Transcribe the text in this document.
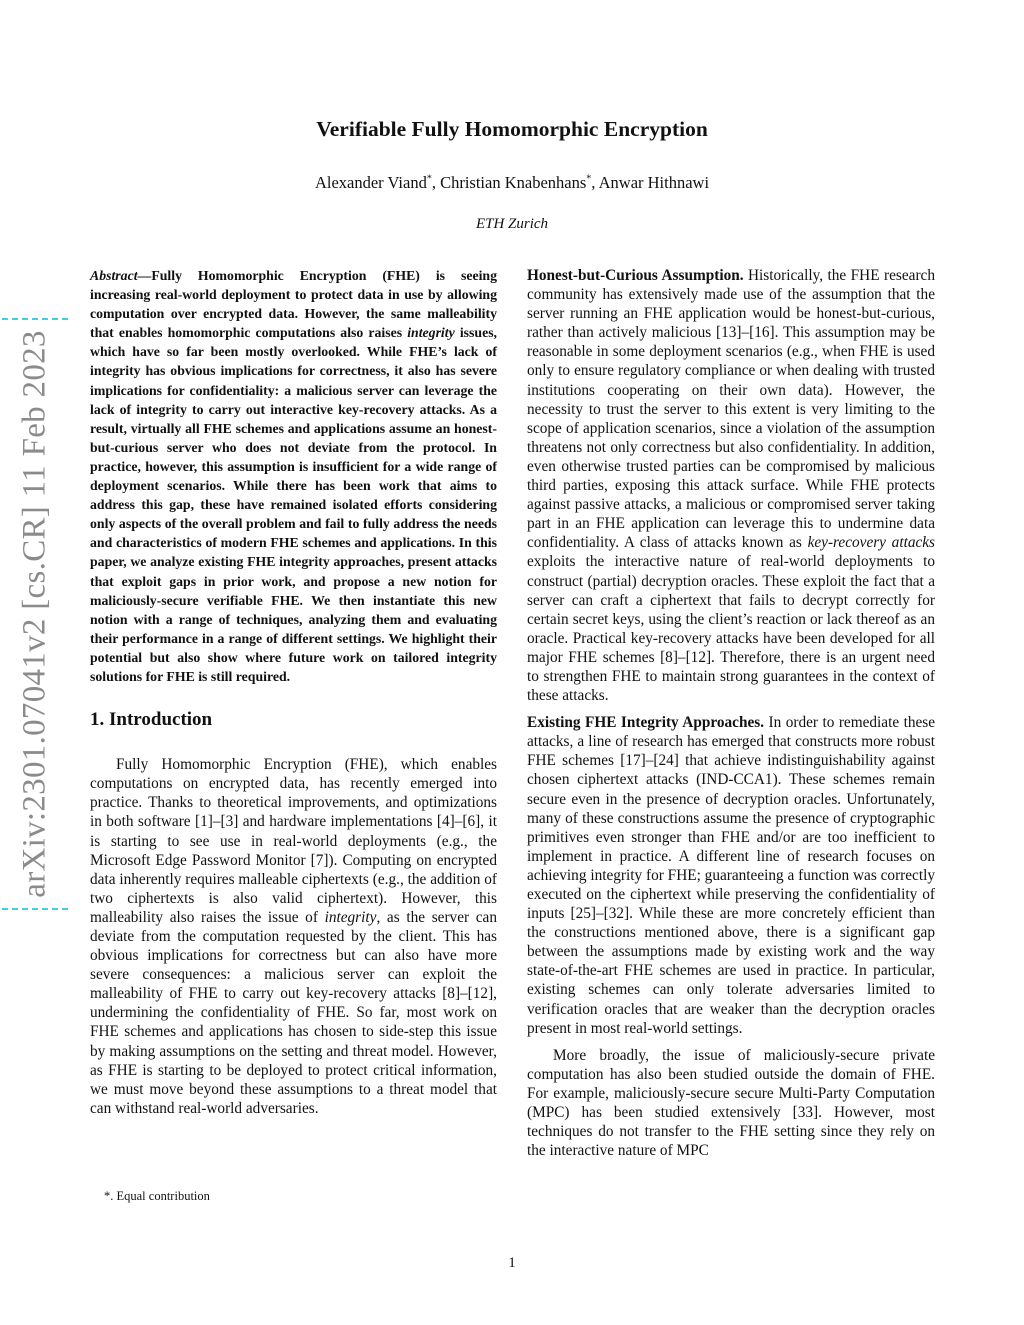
arXiv:2301.07041v2 [cs.CR] 11 Feb 2023
Verifiable Fully Homomorphic Encryption
Alexander Viand*, Christian Knabenhans*, Anwar Hithnawi
ETH Zurich

Abstract—Fully Homomorphic Encryption (FHE) is seeing increasing real-world deployment to protect data in use by allowing computation over encrypted data. However, the same malleability that enables homomorphic computations also raises integrity issues, which have so far been mostly overlooked. While FHE’s lack of integrity has obvious implications for correctness, it also has severe implications for confidentiality: a malicious server can leverage the lack of integrity to carry out interactive key-recovery attacks. As a result, virtually all FHE schemes and applications assume an honest-but-curious server who does not deviate from the protocol. In practice, however, this assumption is insufficient for a wide range of deployment scenarios. While there has been work that aims to address this gap, these have remained isolated efforts considering only aspects of the overall problem and fail to fully address the needs and characteristics of modern FHE schemes and applications. In this paper, we analyze existing FHE integrity approaches, present attacks that exploit gaps in prior work, and propose a new notion for maliciously-secure verifiable FHE. We then instantiate this new notion with a range of techniques, analyzing them and evaluating their performance in a range of different settings. We highlight their potential but also show where future work on tailored integrity solutions for FHE is still required.

1. Introduction

Fully Homomorphic Encryption (FHE), which enables computations on encrypted data, has recently emerged into practice. Thanks to theoretical improvements, and optimizations in both software [1]–[3] and hardware implementations [4]–[6], it is starting to see use in real-world deployments (e.g., the Microsoft Edge Password Monitor [7]). Computing on encrypted data inherently requires malleable ciphertexts (e.g., the addition of two ciphertexts is also valid ciphertext). However, this malleability also raises the issue of integrity, as the server can deviate from the computation requested by the client. This has obvious implications for correctness but can also have more severe consequences: a malicious server can exploit the malleability of FHE to carry out key-recovery attacks [8]–[12], undermining the confidentiality of FHE. So far, most work on FHE schemes and applications has chosen to side-step this issue by making assumptions on the setting and threat model. However, as FHE is starting to be deployed to protect critical information, we must move beyond these assumptions to a threat model that can withstand real-world adversaries.

Honest-but-Curious Assumption. Historically, the FHE research community has extensively made use of the assumption that the server running an FHE application would be honest-but-curious, rather than actively malicious [13]–[16]. This assumption may be reasonable in some deployment scenarios (e.g., when FHE is used only to ensure regulatory compliance or when dealing with trusted institutions cooperating on their own data). However, the necessity to trust the server to this extent is very limiting to the scope of application scenarios, since a violation of the assumption threatens not only correctness but also confidentiality. In addition, even otherwise trusted parties can be compromised by malicious third parties, exposing this attack surface. While FHE protects against passive attacks, a malicious or compromised server taking part in an FHE application can leverage this to undermine data confidentiality. A class of attacks known as key-recovery attacks exploits the interactive nature of real-world deployments to construct (partial) decryption oracles. These exploit the fact that a server can craft a ciphertext that fails to decrypt correctly for certain secret keys, using the client’s reaction or lack thereof as an oracle. Practical key-recovery attacks have been developed for all major FHE schemes [8]–[12]. Therefore, there is an urgent need to strengthen FHE to maintain strong guarantees in the context of these attacks.

Existing FHE Integrity Approaches. In order to remediate these attacks, a line of research has emerged that constructs more robust FHE schemes [17]–[24] that achieve indistinguishability against chosen ciphertext attacks (IND-CCA1). These schemes remain secure even in the presence of decryption oracles. Unfortunately, many of these constructions assume the presence of cryptographic primitives even stronger than FHE and/or are too inefficient to implement in practice. A different line of research focuses on achieving integrity for FHE; guaranteeing a function was correctly executed on the ciphertext while preserving the confidentiality of inputs [25]–[32]. While these are more concretely efficient than the constructions mentioned above, there is a significant gap between the assumptions made by existing work and the way state-of-the-art FHE schemes are used in practice. In particular, existing schemes can only tolerate adversaries limited to verification oracles that are weaker than the decryption oracles present in most real-world settings.

More broadly, the issue of maliciously-secure private computation has also been studied outside the domain of FHE. For example, maliciously-secure secure Multi-Party Computation (MPC) has been studied extensively [33]. However, most techniques do not transfer to the FHE setting since they rely on the interactive nature of MPC

*. Equal contribution
1
